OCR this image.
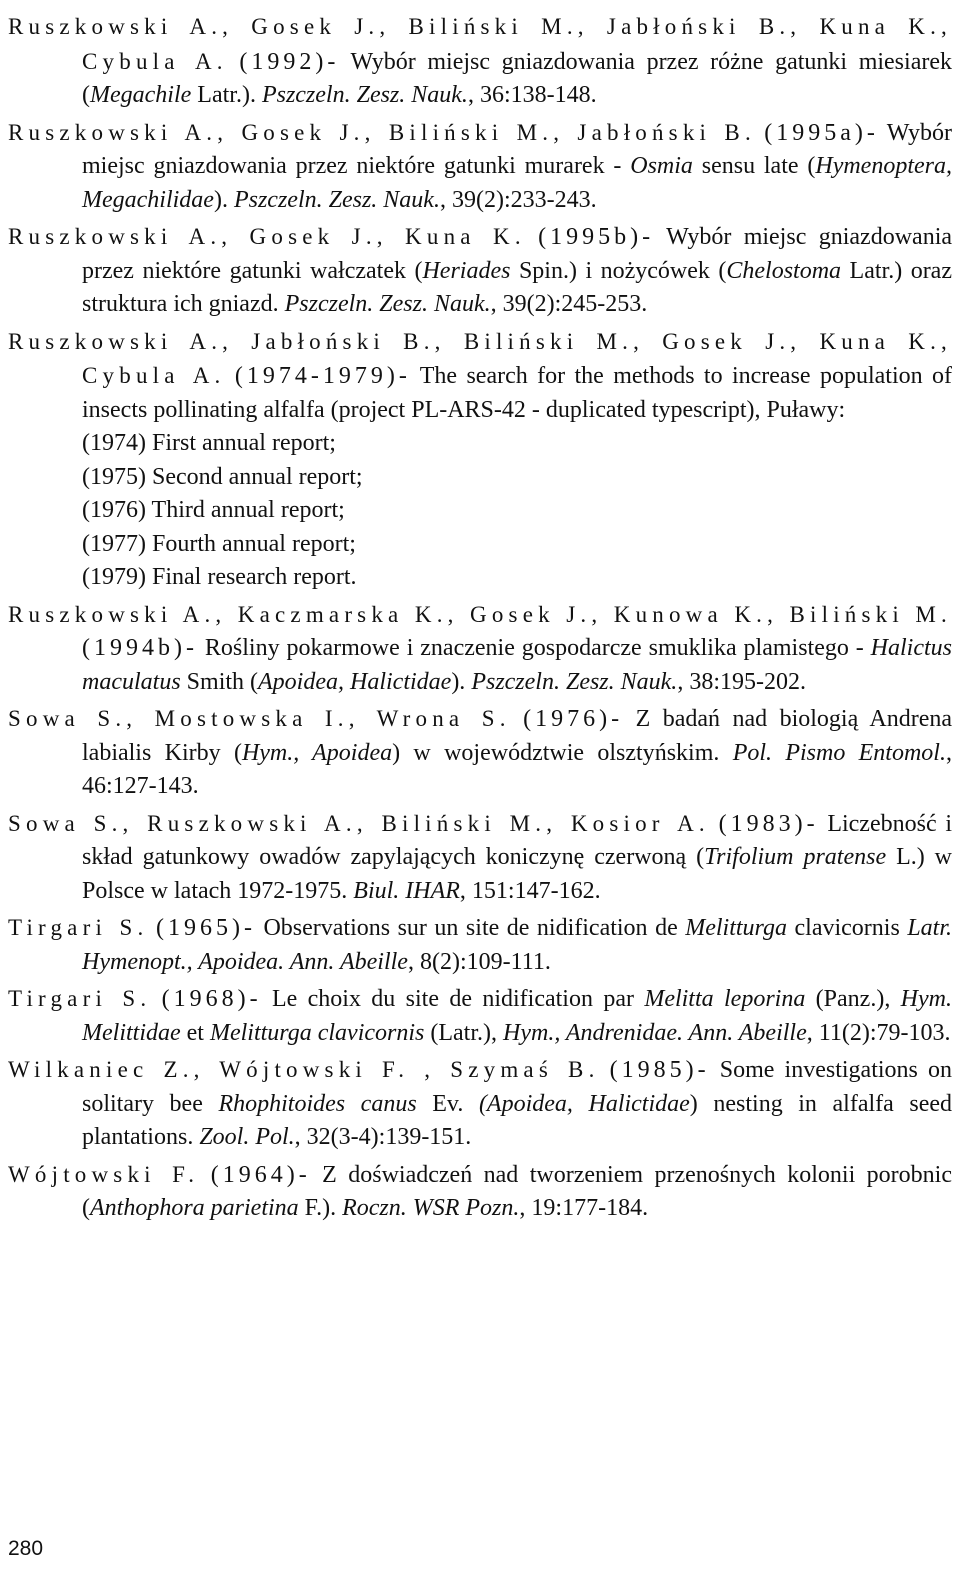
Ruszkowski A., Gosek J., Biliński M., Jabłoński B., Kuna K., Cybula A. (1992)- Wybór miejsc gniazdowania przez różne gatunki miesiarek (Megachile Latr.). Pszczeln. Zesz. Nauk., 36:138-148.

Ruszkowski A., Gosek J., Biliński M., Jabłoński B. (1995a)- Wybór miejsc gniazdowania przez niektóre gatunki murarek - Osmia sensu late (Hymenoptera, Megachilidae). Pszczeln. Zesz. Nauk., 39(2):233-243.

Ruszkowski A., Gosek J., Kuna K. (1995b)- Wybór miejsc gniazdowania przez niektóre gatunki wałczatek (Heriades Spin.) i nożycówek (Chelostoma Latr.) oraz struktura ich gniazd. Pszczeln. Zesz. Nauk., 39(2):245-253.

Ruszkowski A., Jabłoński B., Biliński M., Gosek J., Kuna K., Cybula A. (1974-1979)- The search for the methods to increase population of insects pollinating alfalfa (project PL-ARS-42 - duplicated typescript), Puławy:
(1974) First annual report;
(1975) Second annual report;
(1976) Third annual report;
(1977) Fourth annual report;
(1979) Final research report.

Ruszkowski A., Kaczmarska K., Gosek J., Kunowa K., Biliński M. (1994b)- Rośliny pokarmowe i znaczenie gospodarcze smuklika plamistego - Halictus maculatus Smith (Apoidea, Halictidae). Pszczeln. Zesz. Nauk., 38:195-202.

Sowa S., Mostowska I., Wrona S. (1976)- Z badań nad biologią Andrena labialis Kirby (Hym., Apoidea) w województwie olsztyńskim. Pol. Pismo Entomol., 46:127-143.

Sowa S., Ruszkowski A., Biliński M., Kosior A. (1983)- Liczebność i skład gatunkowy owadów zapylających koniczynę czerwoną (Trifolium pratense L.) w Polsce w latach 1972-1975. Biul. IHAR, 151:147-162.

Tirgari S. (1965)- Observations sur un site de nidification de Melitturga clavicornis Latr. Hymenopt., Apoidea. Ann. Abeille, 8(2):109-111.

Tirgari S. (1968)- Le choix du site de nidification par Melitta leporina (Panz.), Hym. Melittidae et Melitturga clavicornis (Latr.), Hym., Andrenidae. Ann. Abeille, 11(2):79-103.

Wilkaniec Z., Wójtowski F. , Szymaś B. (1985)- Some investigations on solitary bee Rhophitoides canus Ev. (Apoidea, Halictidae) nesting in alfalfa seed plantations. Zool. Pol., 32(3-4):139-151.

Wójtowski F. (1964)- Z doświadczeń nad tworzeniem przenośnych kolonii porobnic (Anthophora parietina F.). Roczn. WSR Pozn., 19:177-184.

280
